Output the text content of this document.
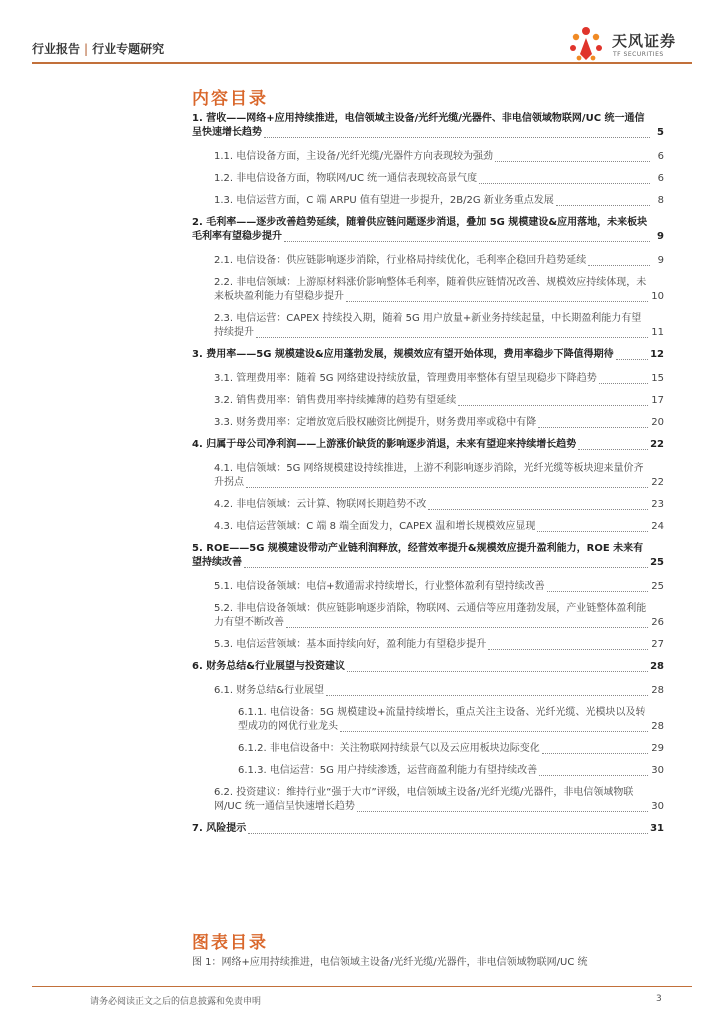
行业报告 | 行业专题研究	天风证券
TF SECURITIES
内容目录
1. 营收——网络+应用持续推进，电信领域主设备/光纤光缆/光器件、非电信领域物联网/UC 统一通信呈快速增长趋势	5
1.1. 电信设备方面，主设备/光纤光缆/光器件方向表现较为强劲	6
1.2. 非电信设备方面，物联网/UC 统一通信表现较高景气度	6
1.3. 电信运营方面，C 端 ARPU 值有望进一步提升，2B/2G 新业务重点发展	8
2. 毛利率——逐步改善趋势延续，随着供应链问题逐步消退，叠加 5G 规模建设&应用落地，未来板块毛利率有望稳步提升	9
2.1. 电信设备：供应链影响逐步消除，行业格局持续优化，毛利率企稳回升趋势延续	9
2.2. 非电信领域：上游原材料涨价影响整体毛利率，随着供应链情况改善、规模效应持续体现，未来板块盈利能力有望稳步提升	10
2.3. 电信运营：CAPEX 持续投入期，随着 5G 用户放量+新业务持续起量，中长期盈利能力有望持续提升	11
3. 费用率——5G 规模建设&应用蓬勃发展，规模效应有望开始体现，费用率稳步下降值得期待	12
3.1. 管理费用率：随着 5G 网络建设持续放量，管理费用率整体有望呈现稳步下降趋势	15
3.2. 销售费用率：销售费用率持续摊薄的趋势有望延续	17
3.3. 财务费用率：定增放宽后股权融资比例提升，财务费用率或稳中有降	20
4. 归属于母公司净利润——上游涨价缺货的影响逐步消退，未来有望迎来持续增长趋势	22
4.1. 电信领域：5G 网络规模建设持续推进，上游不利影响逐步消除，光纤光缆等板块迎来量价齐升拐点	22
4.2. 非电信领域：云计算、物联网长期趋势不改	23
4.3. 电信运营领域：C 端 8 端全面发力，CAPEX 温和增长规模效应显现	24
5. ROE——5G 规模建设带动产业链利润释放，经营效率提升&规模效应提升盈利能力，ROE 未来有望持续改善	25
5.1. 电信设备领域：电信+数通需求持续增长，行业整体盈利有望持续改善	25
5.2. 非电信设备领域：供应链影响逐步消除，物联网、云通信等应用蓬勃发展，产业链整体盈利能力有望不断改善	26
5.3. 电信运营领域：基本面持续向好，盈利能力有望稳步提升	27
6. 财务总结&行业展望与投资建议	28
6.1. 财务总结&行业展望	28
6.1.1. 电信设备：5G 规模建设+流量持续增长，重点关注主设备、光纤光缆、光模块以及转型成功的网优行业龙头	28
6.1.2. 非电信设备中：关注物联网持续景气以及云应用板块边际变化	29
6.1.3. 电信运营：5G 用户持续渗透，运营商盈利能力有望持续改善	30
6.2. 投资建议：维持行业“强于大市”评级，电信领域主设备/光纤光缆/光器件，非电信领域物联网/UC 统一通信呈快速增长趋势	30
7. 风险提示	31
图表目录
图 1：网络+应用持续推进，电信领域主设备/光纤光缆/光器件，非电信领域物联网/UC 统
请务必阅读正文之后的信息披露和免责申明	3
